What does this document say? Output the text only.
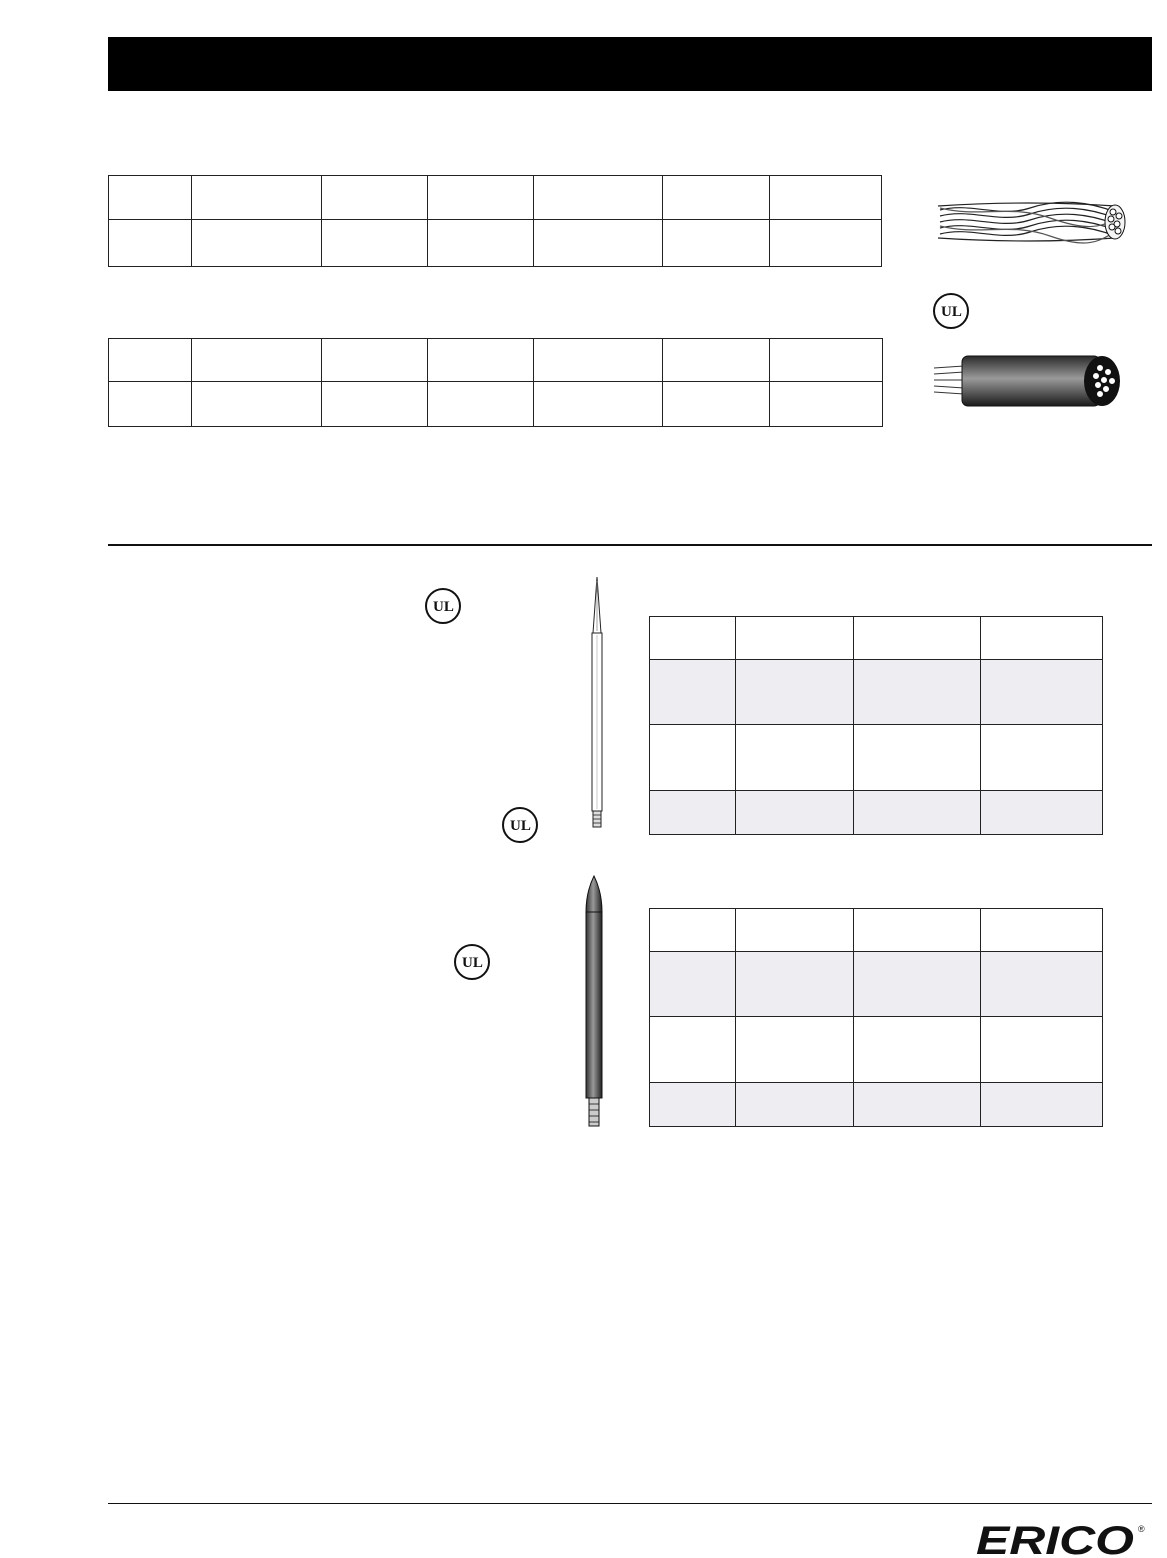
UL
UL
UL
UL

ERICO ®
